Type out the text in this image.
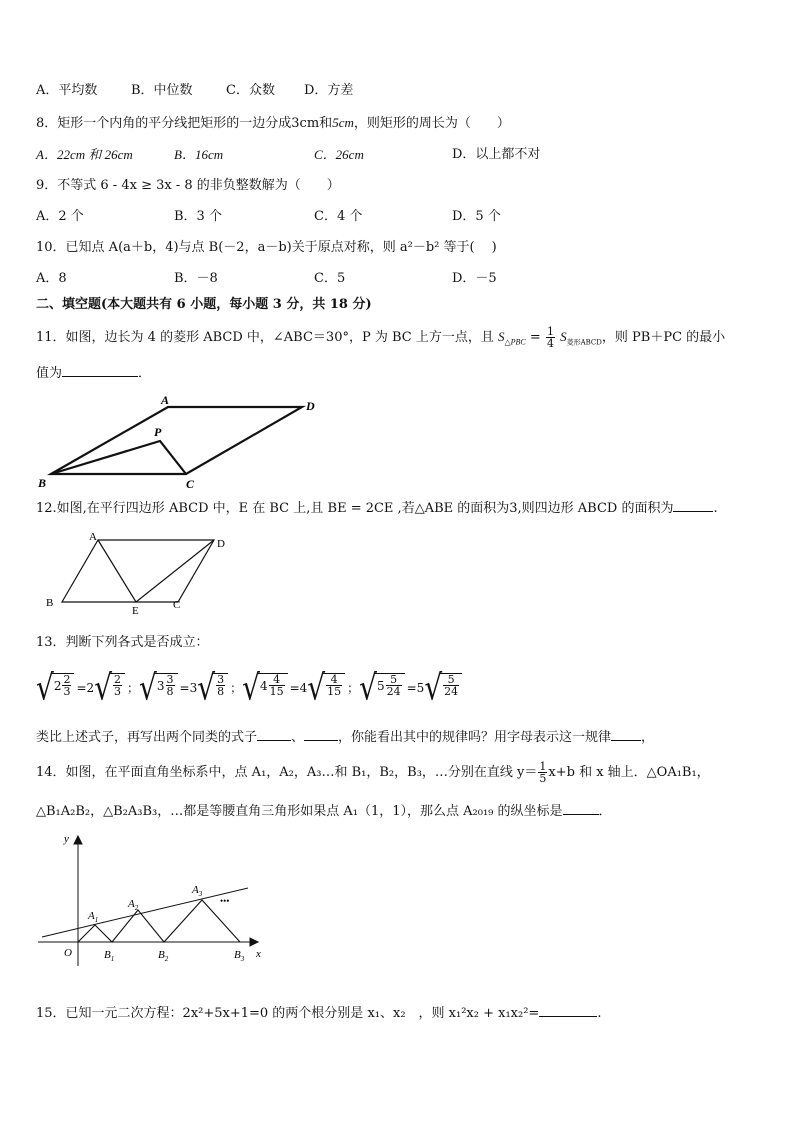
A．平均数	B．中位数	C．众数 D．方差
8．矩形一个内角的平分线把矩形的一边分成3cm和5cm，则矩形的周长为（　　）
A．22cm 和 26cm	B．16cm	C．26cm	D．以上都不对
9．不等式 6 - 4x ≥ 3x - 8 的非负整数解为（　　）
A．2 个	B．3 个	C．4 个	D．5 个
10．已知点 A(a＋b，4)与点 B(－2，a－b)关于原点对称，则 a²－b² 等于(　 )
A．8	B．－8	C．5	D．－5
二、填空题(本大题共有 6 小题，每小题 3 分，共 18 分)
11．如图，边长为 4 的菱形 ABCD 中，∠ABC＝30°，P 为 BC 上方一点，且 $S_{\triangle PBC} = \frac{1}{4} S_{菱形ABCD}$，则 PB＋PC 的最小
值为	．
A	D
P
B	C
12.如图,在平行四边形 ABCD 中，E 在 BC 上,且 BE = 2CE ,若△ABE 的面积为3,则四边形 ABCD 的面积为	.
A
D
B
E	C
13．判断下列各式是否成立：
√ $2 \frac{2}{3} =2$ √ $\frac{2}{3}$ ； √ $3 \frac{3}{8} =3$ √ $\frac{3}{8}$ ； √ $4 \frac{4}{15} =4$ √ $\frac{4}{15}$ ； √ $5 \frac{5}{24} =5$ √ $\frac{5}{24}$
类比上述式子，再写出两个同类的式子	、	，你能看出其中的规律吗？用字母表示这一规律 ，
14．如图，在平面直角坐标系中，点 A₁，A₂，A₃…和 B₁，B₂，B₃，…分别在直线 $y= \frac{1}{5} x+b$ 和 x 轴上．△OA₁B₁，
△B₁A₂B₂，△B₂A₃B₃，…都是等腰直角三角形如果点 A₁（1，1），那么点 A₂₀₁₉ 的纵坐标是	．
y
x
O
$A_1$
$A_2$
$A_3$
$B_1$	$B_2$	$B_3$
•••
15．已知一元二次方程：2x²+5x+1=0 的两个根分别是 x₁、x₂　，则 x₁²x₂ + x₁x₂²=	.
